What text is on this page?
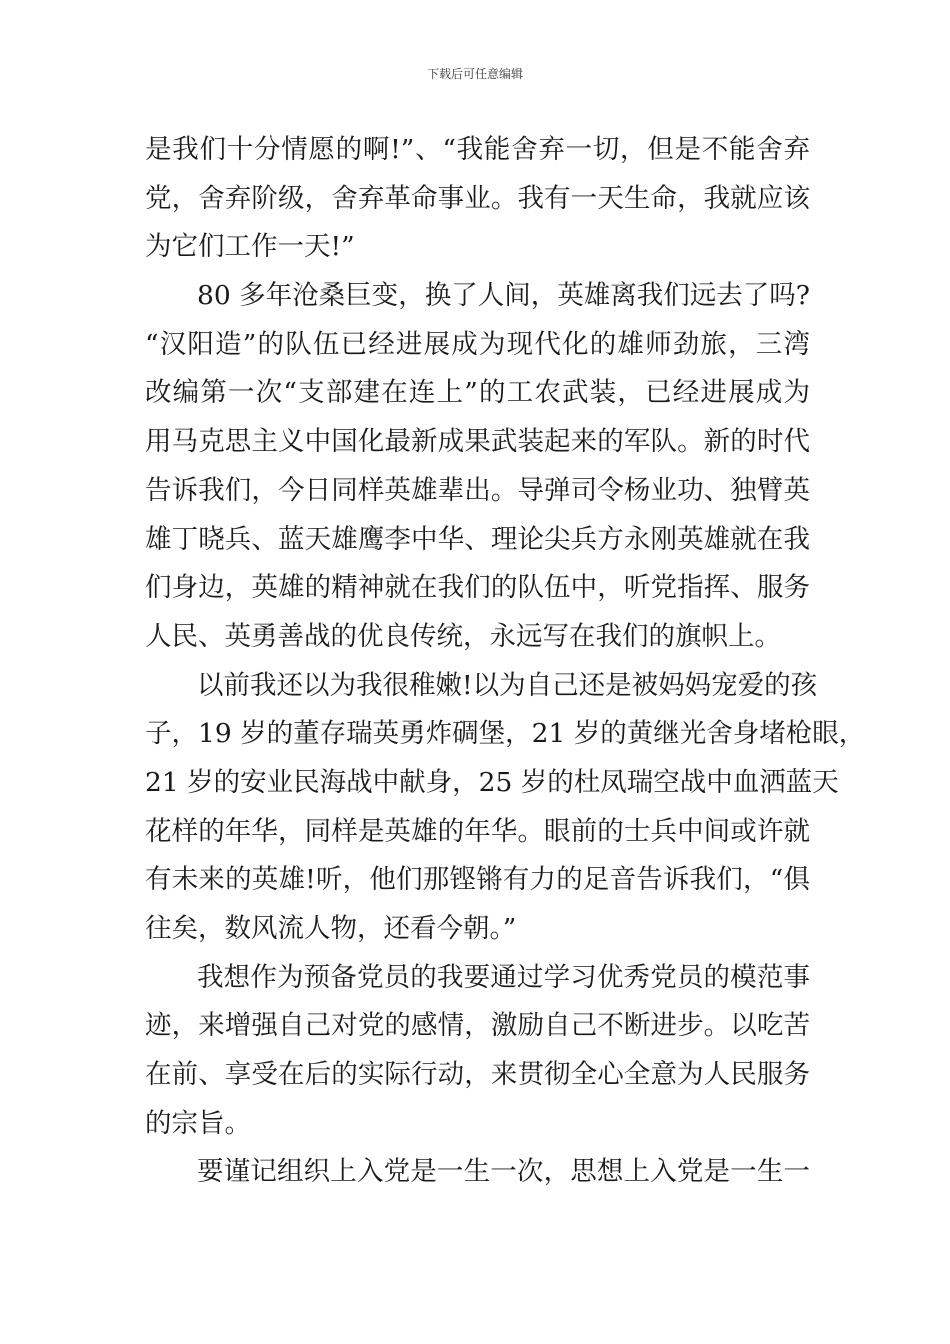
下载后可任意编辑
是我们十分情愿的啊!”、“我能舍弃一切，但是不能舍弃
党，舍弃阶级，舍弃革命事业。我有一天生命，我就应该
为它们工作一天!”
80 多年沧桑巨变，换了人间，英雄离我们远去了吗?
“汉阳造”的队伍已经进展成为现代化的雄师劲旅，三湾
改编第一次“支部建在连上”的工农武装，已经进展成为
用马克思主义中国化最新成果武装起来的军队。新的时代
告诉我们，今日同样英雄辈出。导弹司令杨业功、独臂英
雄丁晓兵、蓝天雄鹰李中华、理论尖兵方永刚英雄就在我
们身边，英雄的精神就在我们的队伍中，听党指挥、服务
人民、英勇善战的优良传统，永远写在我们的旗帜上。
以前我还以为我很稚嫩!以为自己还是被妈妈宠爱的孩
子，19 岁的董存瑞英勇炸碉堡，21 岁的黄继光舍身堵枪眼，
21 岁的安业民海战中献身，25 岁的杜凤瑞空战中血洒蓝天
花样的年华，同样是英雄的年华。眼前的士兵中间或许就
有未来的英雄!听，他们那铿锵有力的足音告诉我们，“俱
往矣，数风流人物，还看今朝。”
我想作为预备党员的我要通过学习优秀党员的模范事
迹，来增强自己对党的感情，激励自己不断进步。以吃苦
在前、享受在后的实际行动，来贯彻全心全意为人民服务
的宗旨。
要谨记组织上入党是一生一次，思想上入党是一生一
